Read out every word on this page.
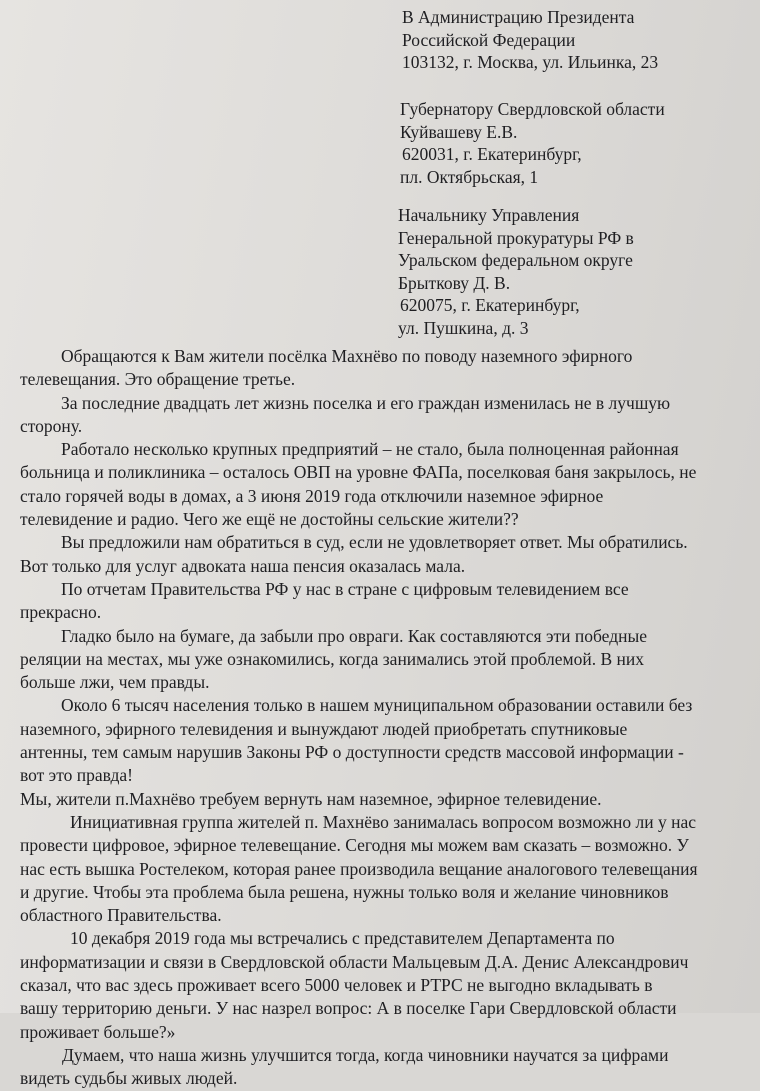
В Администрацию Президента
Российской Федерации
103132, г. Москва, ул. Ильинка, 23
Губернатору Свердловской области
Куйвашеву Е.В.
620031, г. Екатеринбург,
пл. Октябрьская, 1
Начальнику Управления
Генеральной прокуратуры РФ в
Уральском федеральном округе
Брыткову Д. В.
620075, г. Екатеринбург,
ул. Пушкина, д. 3
Обращаются к Вам жители посёлка Махнёво по поводу наземного эфирного
телевещания. Это обращение третье.
За последние двадцать лет жизнь поселка и его граждан изменилась не в лучшую
сторону.
Работало несколько крупных предприятий – не стало, была полноценная районная
больница и поликлиника – осталось ОВП на уровне ФАПа, поселковая баня закрылось, не
стало горячей воды в домах, а 3 июня 2019 года отключили наземное эфирное
телевидение и радио. Чего же ещё не достойны сельские жители??
Вы предложили нам обратиться в суд, если не удовлетворяет ответ. Мы обратились.
Вот только для услуг адвоката наша пенсия оказалась мала.
По отчетам Правительства РФ у нас в стране с цифровым телевидением все
прекрасно.
Гладко было на бумаге, да забыли про овраги. Как составляются эти победные
реляции на местах, мы уже ознакомились, когда занимались этой проблемой. В них
больше лжи, чем правды.
Около 6 тысяч населения только в нашем муниципальном образовании оставили без
наземного, эфирного телевидения и вынуждают людей приобретать спутниковые
антенны, тем самым нарушив Законы РФ о доступности средств массовой информации -
вот это правда!
Мы, жители п.Махнёво требуем вернуть нам наземное, эфирное телевидение.
Инициативная группа жителей п. Махнёво занималась вопросом возможно ли у нас
провести цифровое, эфирное телевещание. Сегодня мы можем вам сказать – возможно. У
нас есть вышка Ростелеком, которая ранее производила вещание аналогового телевещания
и другие. Чтобы эта проблема была решена, нужны только воля и желание чиновников
областного Правительства.
10 декабря 2019 года мы встречались с представителем Департамента по
информатизации и связи в Свердловской области Мальцевым Д.А. Денис Александрович
сказал, что вас здесь проживает всего 5000 человек и РТРС не выгодно вкладывать в
вашу территорию деньги. У нас назрел вопрос: А в поселке Гари Свердловской области
проживает больше?»
Думаем, что наша жизнь улучшится тогда, когда чиновники научатся за цифрами
видеть судьбы живых людей.
